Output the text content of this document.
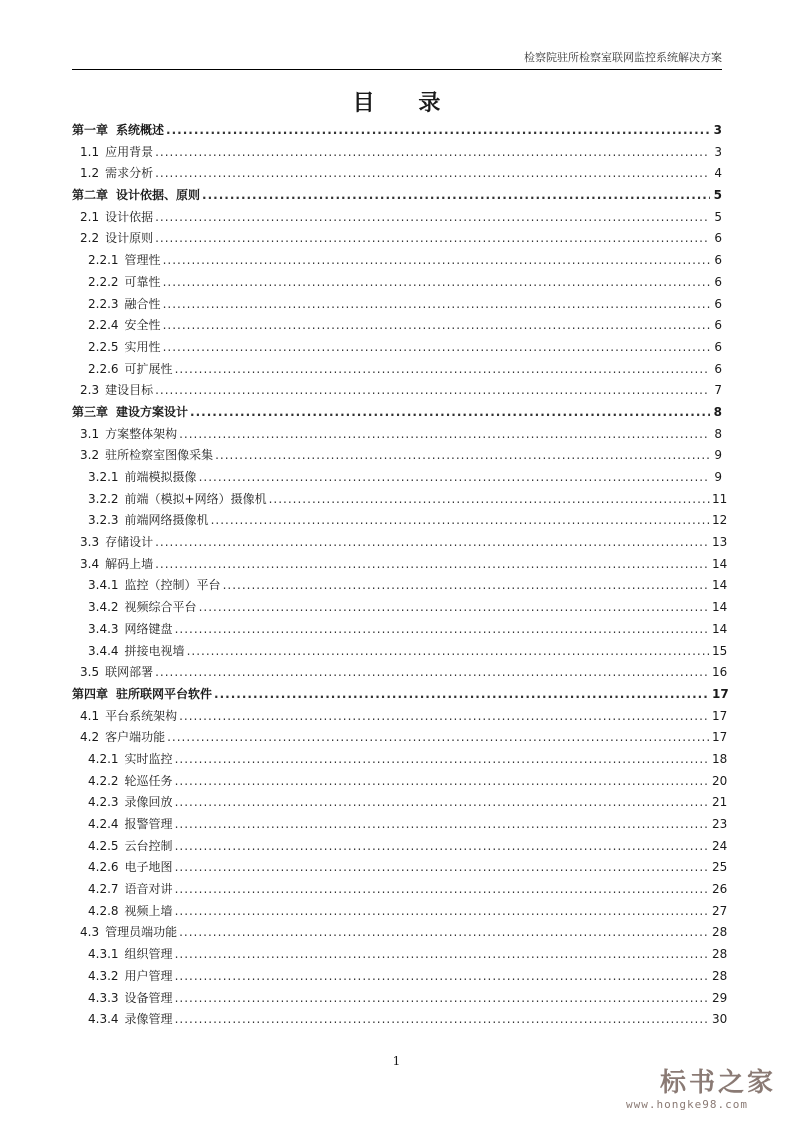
检察院驻所检察室联网监控系统解决方案
目 录
第一章 系统概述 .....	3
1.1 应用背景 .....	3
1.2 需求分析 .....	4
第二章 设计依据、原则 .....	5
2.1 设计依据 .....	5
2.2 设计原则 .....	6
2.2.1 管理性 .....	6
2.2.2 可靠性 .....	6
2.2.3 融合性 .....	6
2.2.4 安全性 .....	6
2.2.5 实用性 .....	6
2.2.6 可扩展性 .....	6
2.3 建设目标 .....	7
第三章 建设方案设计 .....	8
3.1 方案整体架构 .....	8
3.2 驻所检察室图像采集 .....	9
3.2.1 前端模拟摄像 .....	9
3.2.2 前端（模拟+网络）摄像机 .....	11
3.2.3 前端网络摄像机 .....	12
3.3 存储设计 .....	13
3.4 解码上墙 .....	14
3.4.1 监控（控制）平台 .....	14
3.4.2 视频综合平台 .....	14
3.4.3 网络键盘 .....	14
3.4.4 拼接电视墙 .....	15
3.5 联网部署 .....	16
第四章 驻所联网平台软件 .....	17
4.1 平台系统架构 .....	17
4.2 客户端功能 .....	17
4.2.1 实时监控 .....	18
4.2.2 轮巡任务 .....	20
4.2.3 录像回放 .....	21
4.2.4 报警管理 .....	23
4.2.5 云台控制 .....	24
4.2.6 电子地图 .....	25
4.2.7 语音对讲 .....	26
4.2.8 视频上墙 .....	27
4.3 管理员端功能 .....	28
4.3.1 组织管理 .....	28
4.3.2 用户管理 .....	28
4.3.3 设备管理 .....	29
4.3.4 录像管理 .....	30
1
标书之家
www.hongke98.com
